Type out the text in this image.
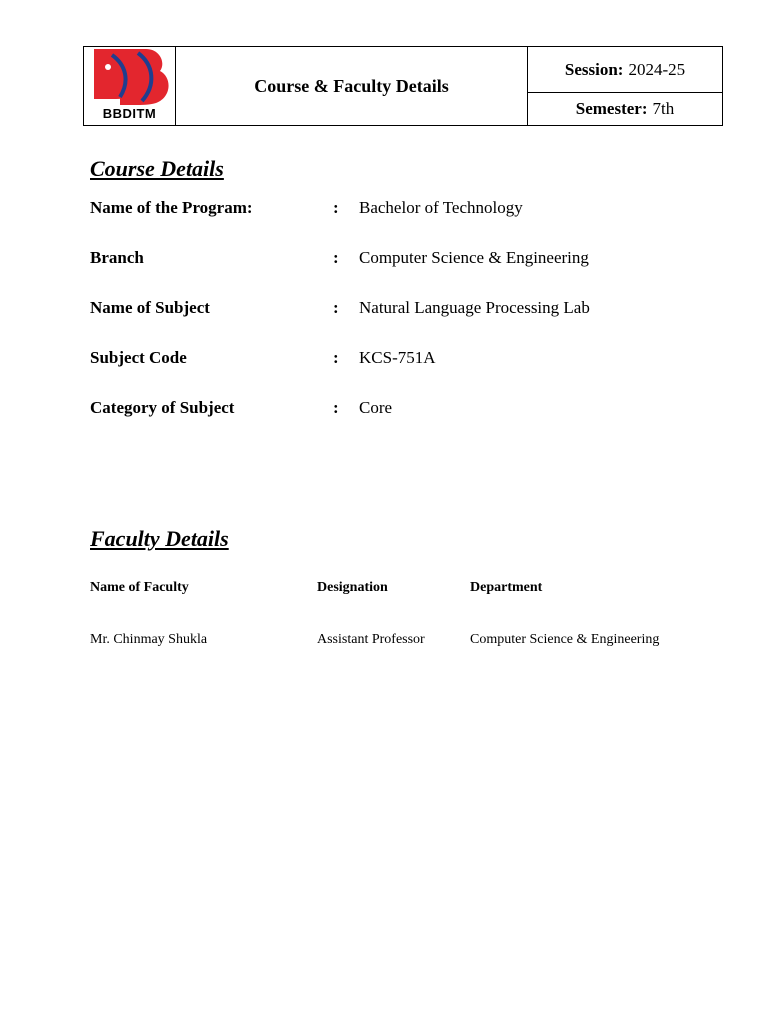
BBDITM
Course & Faculty Details
Session: 2024-25
Semester: 7th
Course Details
Name of the Program:	: Bachelor of Technology
Branch	: Computer Science & Engineering
Name of Subject	: Natural Language Processing Lab
Subject Code	: KCS-751A
Category of Subject	: Core
Faculty Details
Name of Faculty	Designation	Department
Mr. Chinmay Shukla	Assistant Professor	Computer Science & Engineering
